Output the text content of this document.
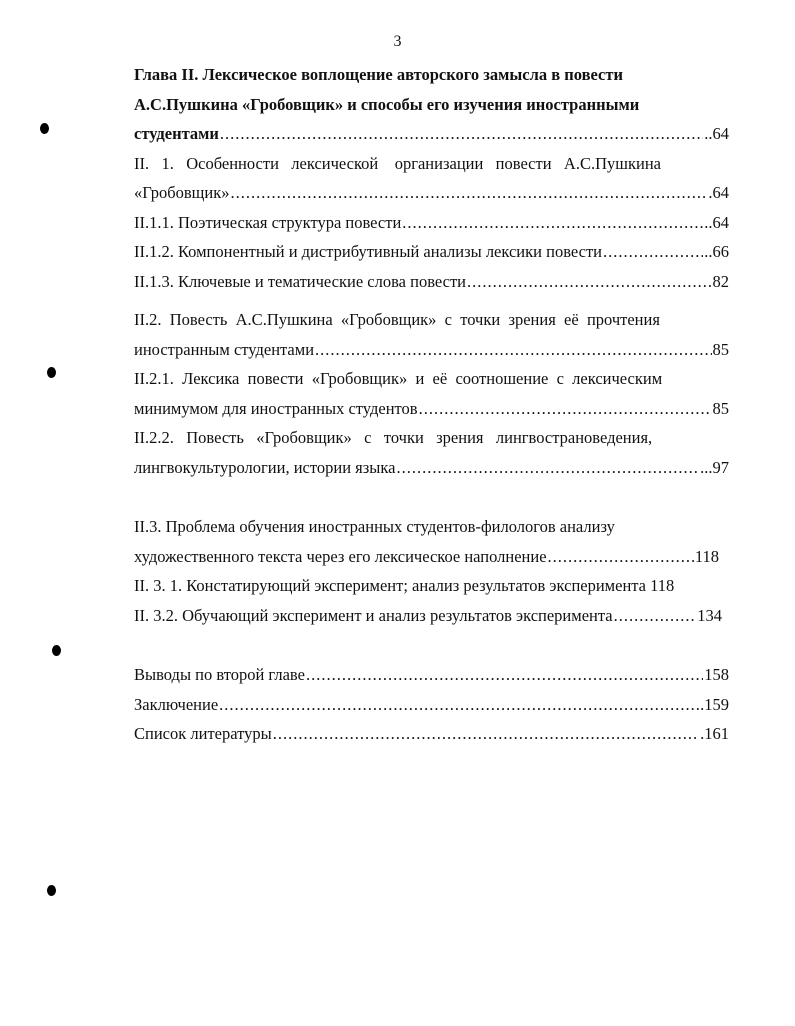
3
Глава II. Лексическое воплощение авторского замысла в повести
А.С.Пушкина «Гробовщик» и способы его изучения иностранными
студентами .....	..64
II.   1.   Особенности   лексической    организации   повести   А.С.Пушкина
«Гробовщик» .....	.64
II.1.1. Поэтическая структура повести .....	..64
II.1.2. Компонентный и дистрибутивный анализы лексики повести .....	..66
II.1.3. Ключевые и тематические слова повести .....	82
II.2.  Повесть  А.С.Пушкина  «Гробовщик»  с  точки  зрения  её  прочтения
иностранным студентами .....	85
II.2.1.  Лексика  повести  «Гробовщик»  и  её  соотношение  с  лексическим
минимумом для иностранных студентов .....	85
II.2.2.   Повесть   «Гробовщик»   с   точки   зрения   лингвострановедения,
лингвокультурологии, истории языка .....	...97
II.3. Проблема обучения иностранных студентов-филологов анализу
художественного текста через его лексическое наполнение .....	118
II. 3. 1. Констатирующий эксперимент; анализ результатов эксперимента 118
II. 3.2. Обучающий эксперимент и анализ результатов эксперимента .....	134
Выводы по второй главе .....	158
Заключение .....	.159
Список литературы .....	.161
